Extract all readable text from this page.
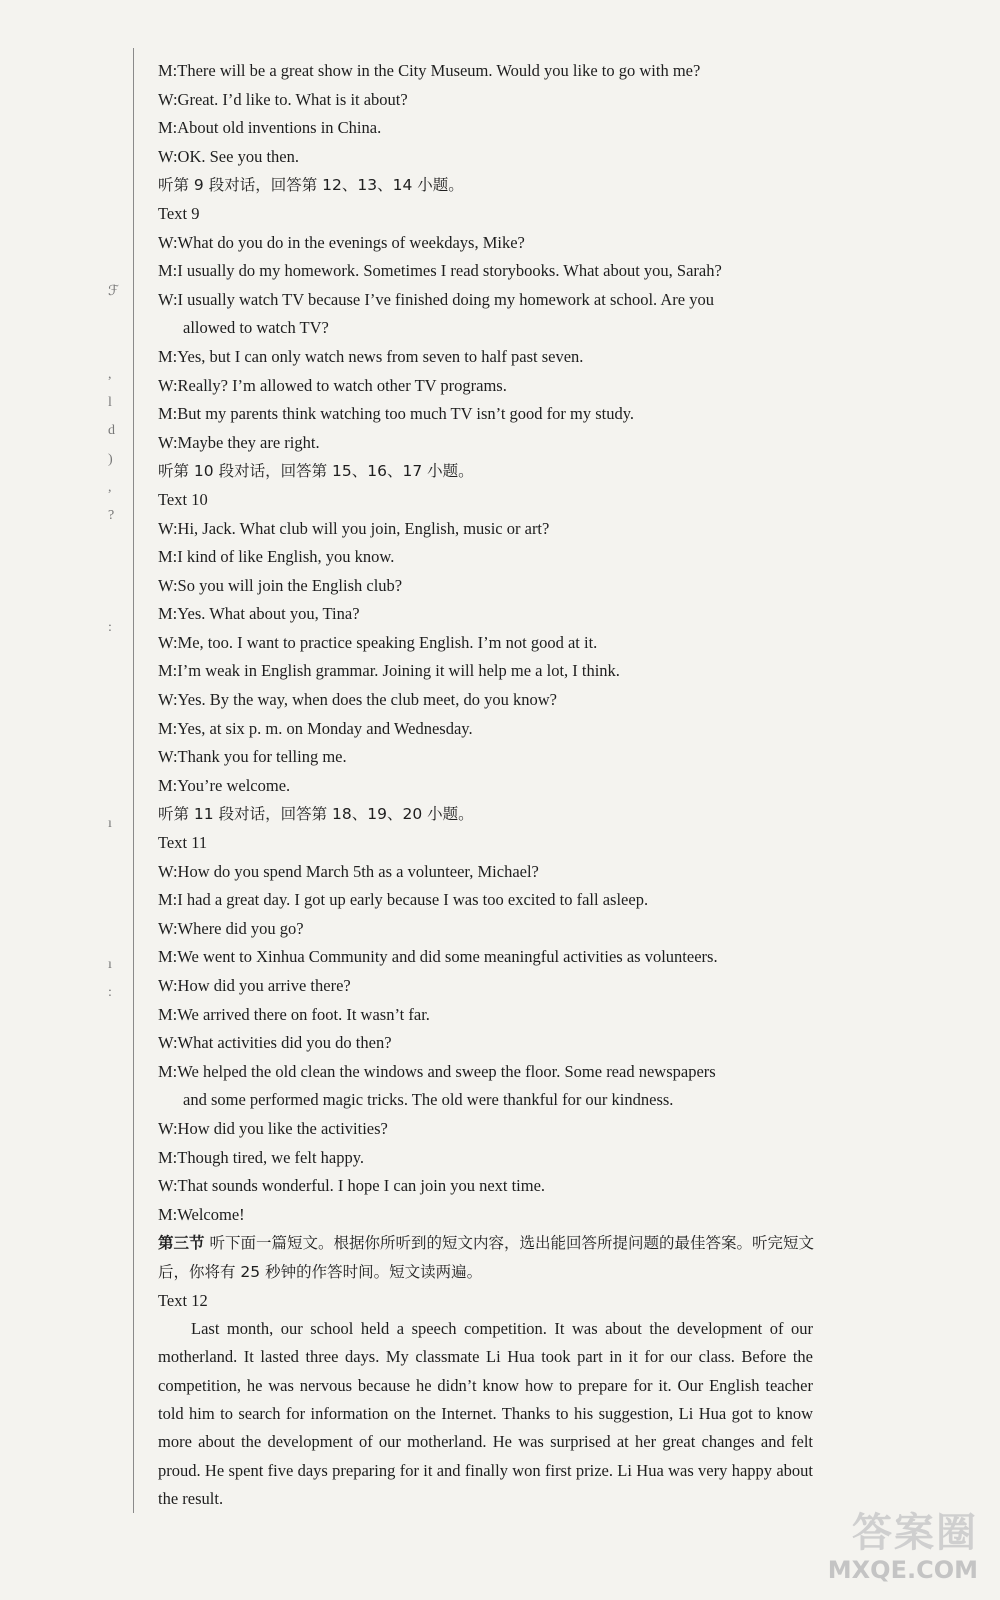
ℱ
,
l
d
)
,
?
:
ı
ı
:
M:There will be a great show in the City Museum. Would you like to go with me?
W:Great. I’d like to. What is it about?
M:About old inventions in China.
W:OK. See you then.
听第 9 段对话，回答第 12、13、14 小题。
Text 9
W:What do you do in the evenings of weekdays, Mike?
M:I usually do my homework. Sometimes I read storybooks. What about you, Sarah?
W:I usually watch TV because I’ve finished doing my homework at school. Are you
allowed to watch TV?
M:Yes, but I can only watch news from seven to half past seven.
W:Really? I’m allowed to watch other TV programs.
M:But my parents think watching too much TV isn’t good for my study.
W:Maybe they are right.
听第 10 段对话，回答第 15、16、17 小题。
Text 10
W:Hi, Jack. What club will you join, English, music or art?
M:I kind of like English, you know.
W:So you will join the English club?
M:Yes. What about you, Tina?
W:Me, too. I want to practice speaking English. I’m not good at it.
M:I’m weak in English grammar. Joining it will help me a lot, I think.
W:Yes. By the way, when does the club meet, do you know?
M:Yes, at six p. m. on Monday and Wednesday.
W:Thank you for telling me.
M:You’re welcome.
听第 11 段对话，回答第 18、19、20 小题。
Text 11
W:How do you spend March 5th as a volunteer, Michael?
M:I had a great day. I got up early because I was too excited to fall asleep.
W:Where did you go?
M:We went to Xinhua Community and did some meaningful activities as volunteers.
W:How did you arrive there?
M:We arrived there on foot. It wasn’t far.
W:What activities did you do then?
M:We helped the old clean the windows and sweep the floor. Some read newspapers
and some performed magic tricks. The old were thankful for our kindness.
W:How did you like the activities?
M:Though tired, we felt happy.
W:That sounds wonderful. I hope I can join you next time.
M:Welcome!
第三节 听下面一篇短文。根据你所听到的短文内容，选出能回答所提问题的最佳答案。听完短文后，你将有 25 秒钟的作答时间。短文读两遍。
Text 12
Last month, our school held a speech competition. It was about the development of our motherland. It lasted three days. My classmate Li Hua took part in it for our class. Before the competition, he was nervous because he didn’t know how to prepare for it. Our English teacher told him to search for information on the Internet. Thanks to his suggestion, Li Hua got to know more about the development of our motherland. He was surprised at her great changes and felt proud. He spent five days preparing for it and finally won first prize. Li Hua was very happy about the result.
答案圈
MXQE.COM
